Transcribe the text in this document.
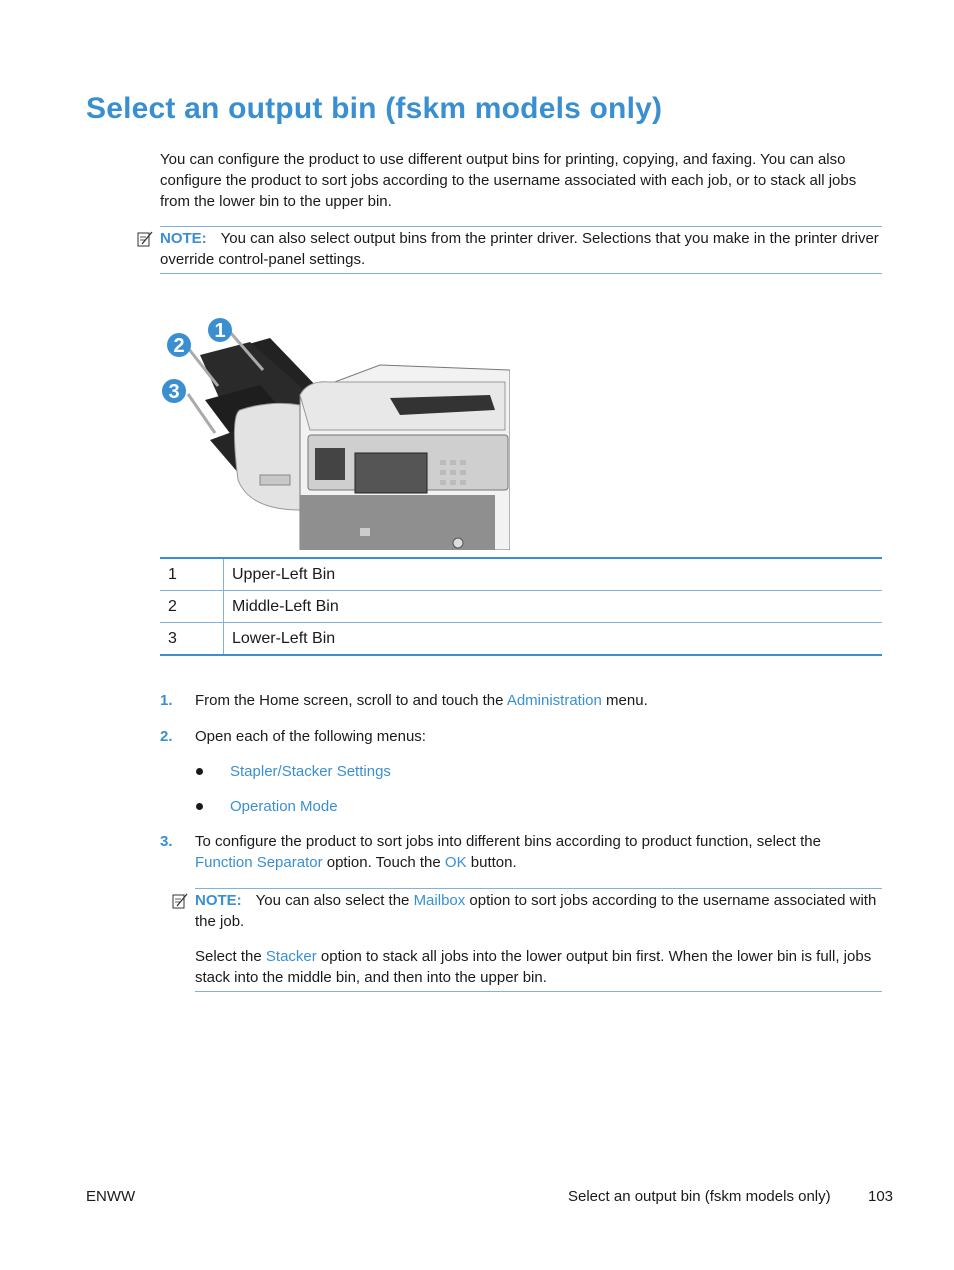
Select an output bin (fskm models only)
You can configure the product to use different output bins for printing, copying, and faxing. You can also configure the product to sort jobs according to the username associated with each job, or to stack all jobs from the lower bin to the upper bin.
NOTE: You can also select output bins from the printer driver. Selections that you make in the printer driver override control-panel settings.
1
2
3
1	Upper-Left Bin
2	Middle-Left Bin
3	Lower-Left Bin
1. From the Home screen, scroll to and touch the Administration menu.
2. Open each of the following menus:
Stapler/Stacker Settings
Operation Mode
3. To configure the product to sort jobs into different bins according to product function, select the Function Separator option. Touch the OK button.
NOTE: You can also select the Mailbox option to sort jobs according to the username associated with the job.
Select the Stacker option to stack all jobs into the lower output bin first. When the lower bin is full, jobs stack into the middle bin, and then into the upper bin.
ENWW	Select an output bin (fskm models only) 103
